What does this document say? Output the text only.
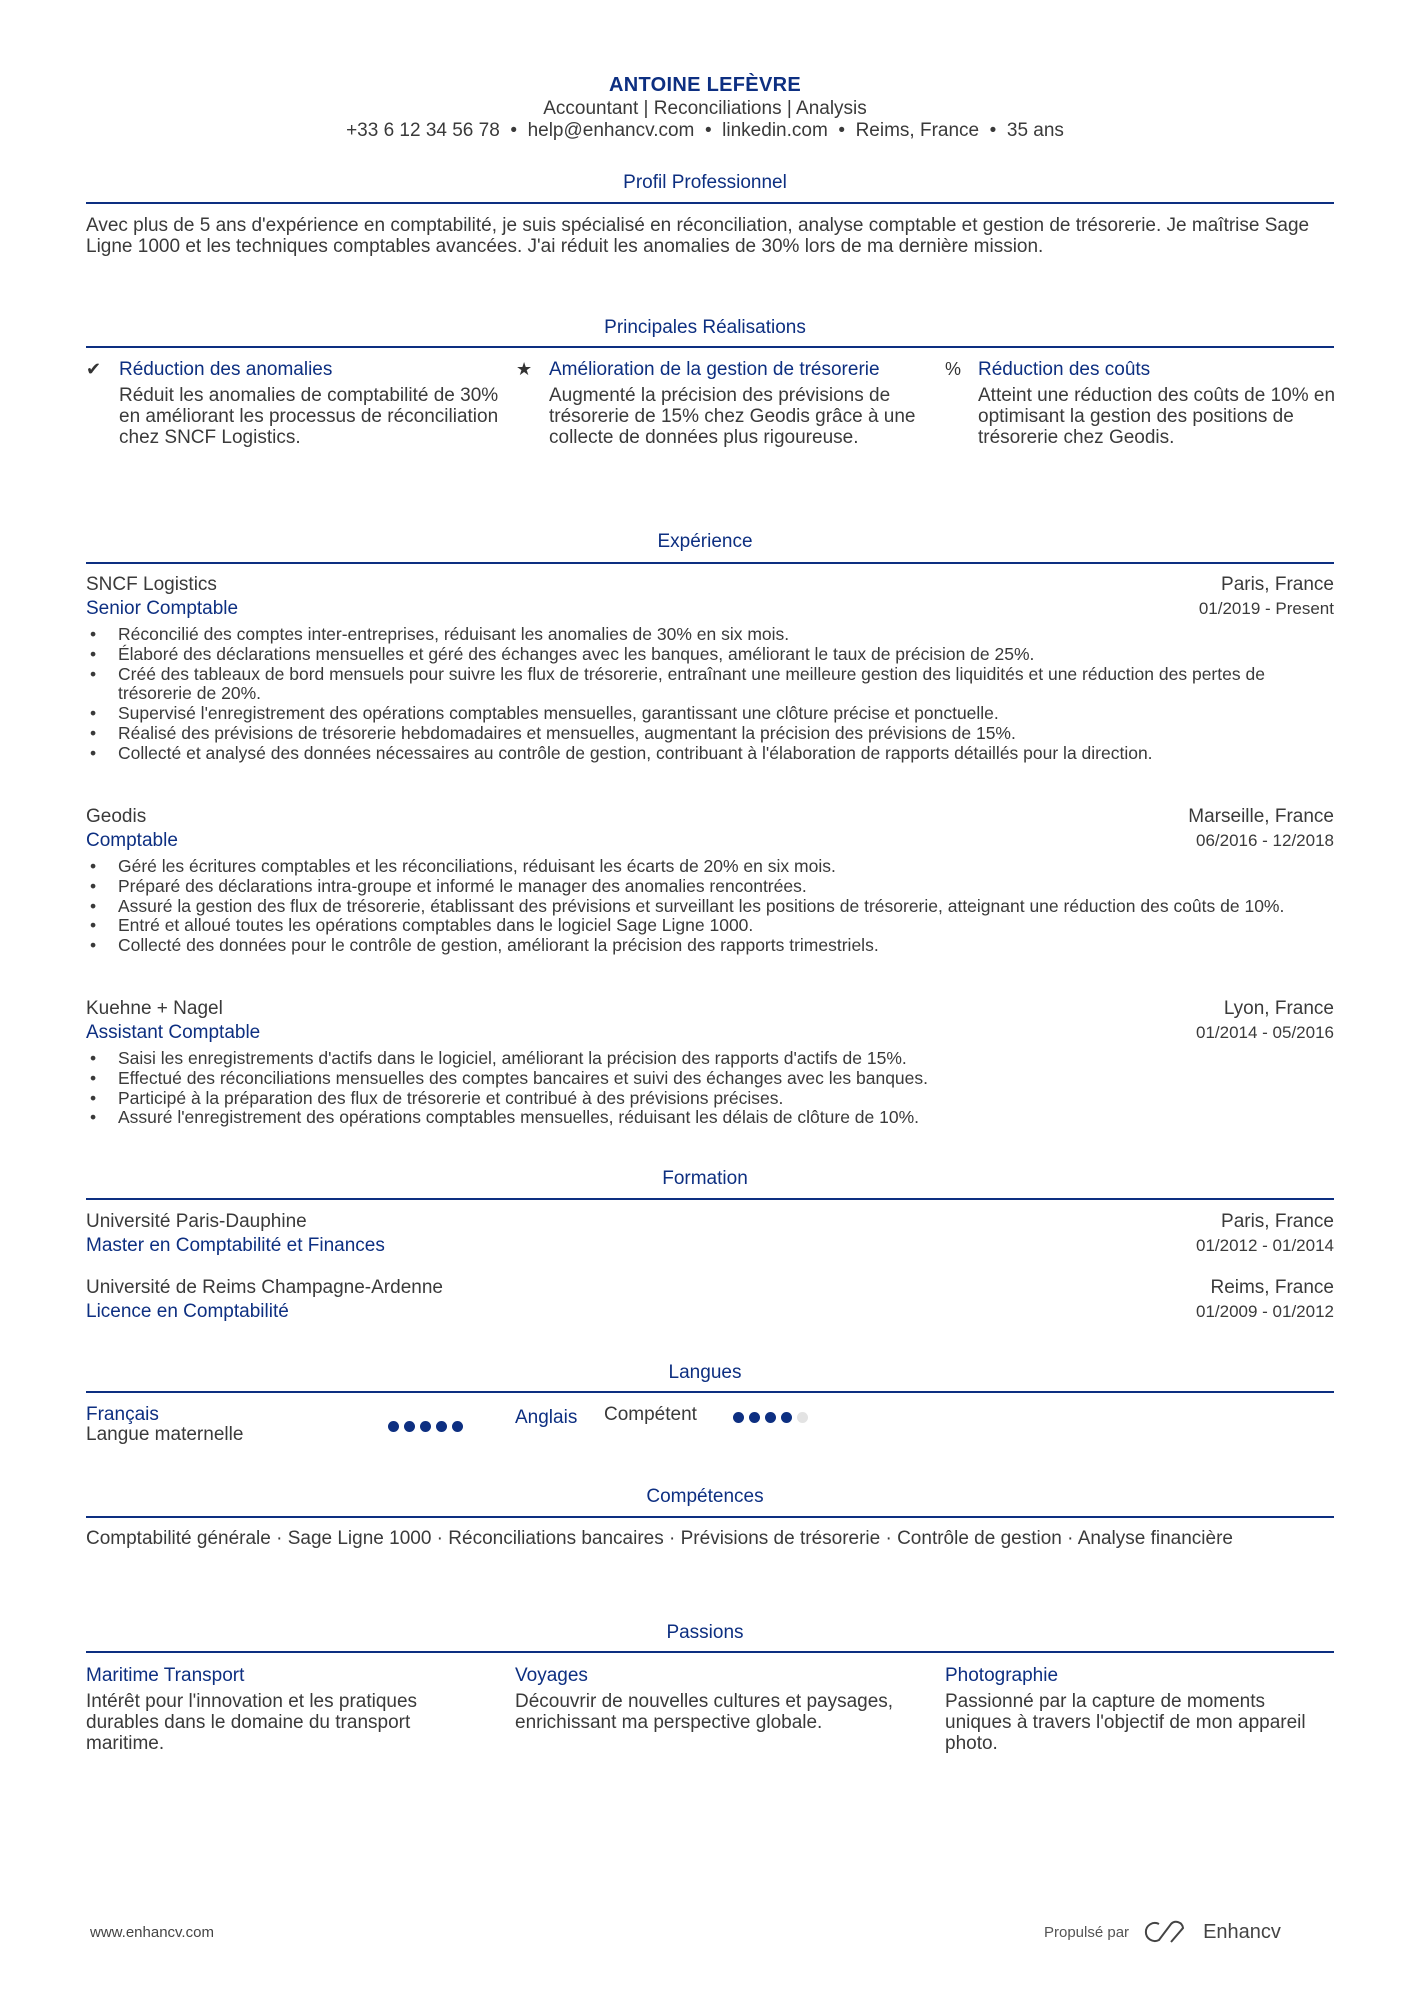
ANTOINE LEFÈVRE
Accountant | Reconciliations | Analysis
+33 6 12 34 56 78  •  help@enhancv.com  •  linkedin.com  •  Reims, France  •  35 ans
Profil Professionnel
Avec plus de 5 ans d'expérience en comptabilité, je suis spécialisé en réconciliation, analyse comptable et gestion de trésorerie. Je maîtrise Sage Ligne 1000 et les techniques comptables avancées. J'ai réduit les anomalies de 30% lors de ma dernière mission.
Principales Réalisations
✔ Réduction des anomalies
Réduit les anomalies de comptabilité de 30% en améliorant les processus de réconciliation chez SNCF Logistics.
★ Amélioration de la gestion de trésorerie
Augmenté la précision des prévisions de trésorerie de 15% chez Geodis grâce à une collecte de données plus rigoureuse.
% Réduction des coûts
Atteint une réduction des coûts de 10% en optimisant la gestion des positions de trésorerie chez Geodis.
Expérience
SNCF Logistics	Paris, France
Senior Comptable	01/2019 - Present
• Réconcilié des comptes inter-entreprises, réduisant les anomalies de 30% en six mois.
• Élaboré des déclarations mensuelles et géré des échanges avec les banques, améliorant le taux de précision de 25%.
• Créé des tableaux de bord mensuels pour suivre les flux de trésorerie, entraînant une meilleure gestion des liquidités et une réduction des pertes de trésorerie de 20%.
• Supervisé l'enregistrement des opérations comptables mensuelles, garantissant une clôture précise et ponctuelle.
• Réalisé des prévisions de trésorerie hebdomadaires et mensuelles, augmentant la précision des prévisions de 15%.
• Collecté et analysé des données nécessaires au contrôle de gestion, contribuant à l'élaboration de rapports détaillés pour la direction.
Geodis	Marseille, France
Comptable	06/2016 - 12/2018
• Géré les écritures comptables et les réconciliations, réduisant les écarts de 20% en six mois.
• Préparé des déclarations intra-groupe et informé le manager des anomalies rencontrées.
• Assuré la gestion des flux de trésorerie, établissant des prévisions et surveillant les positions de trésorerie, atteignant une réduction des coûts de 10%.
• Entré et alloué toutes les opérations comptables dans le logiciel Sage Ligne 1000.
• Collecté des données pour le contrôle de gestion, améliorant la précision des rapports trimestriels.
Kuehne + Nagel	Lyon, France
Assistant Comptable	01/2014 - 05/2016
• Saisi les enregistrements d'actifs dans le logiciel, améliorant la précision des rapports d'actifs de 15%.
• Effectué des réconciliations mensuelles des comptes bancaires et suivi des échanges avec les banques.
• Participé à la préparation des flux de trésorerie et contribué à des prévisions précises.
• Assuré l'enregistrement des opérations comptables mensuelles, réduisant les délais de clôture de 10%.
Formation
Université Paris-Dauphine	Paris, France
Master en Comptabilité et Finances	01/2012 - 01/2014
Université de Reims Champagne-Ardenne	Reims, France
Licence en Comptabilité	01/2009 - 01/2012
Langues
Français
Langue maternelle
Anglais Compétent
Compétences
Comptabilité générale · Sage Ligne 1000 · Réconciliations bancaires · Prévisions de trésorerie · Contrôle de gestion · Analyse financière
Passions
Maritime Transport
Intérêt pour l'innovation et les pratiques durables dans le domaine du transport maritime.
Voyages
Découvrir de nouvelles cultures et paysages, enrichissant ma perspective globale.
Photographie
Passionné par la capture de moments uniques à travers l'objectif de mon appareil photo.
www.enhancv.com	Propulsé par	Enhancv
